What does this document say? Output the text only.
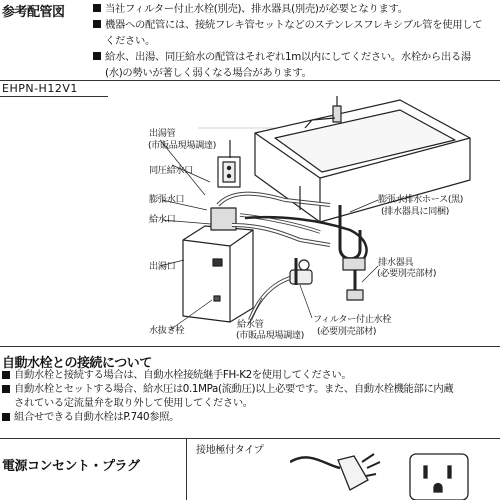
参考配管図	当社フィルター付止水栓(別売)、排水器具(別売)が必要となります。
機器への配管には、接続フレキ管セットなどのステンレスフレキシブル管を使用して
ください。
給水、出湯、同圧給水の配管はそれぞれ1m以内にしてください。水栓から出る湯
(水)の勢いが著しく弱くなる場合があります。
EHPN-H12V1
出湯管
(市販品現場調達)
同圧給水口
膨張水口
給水口
出湯口
水抜き栓
給水管
(市販品現場調達)
フィルター付止水栓
(必要別売部材)
膨張水排水ホース(黒)
(排水器具に同梱)
排水器具
(必要別売部材)
自動水栓との接続について
自動水栓と接続する場合は、自動水栓接続継手FH-K2を使用してください。
自動水栓とセットする場合、給水圧は0.1MPa(流動圧)以上必要です。また、自動水栓機能部に内蔵
されている定流量弁を取り外して使用してください。
組合せできる自動水栓はP.740参照。
電源コンセント・プラグ
接地極付タイプ
